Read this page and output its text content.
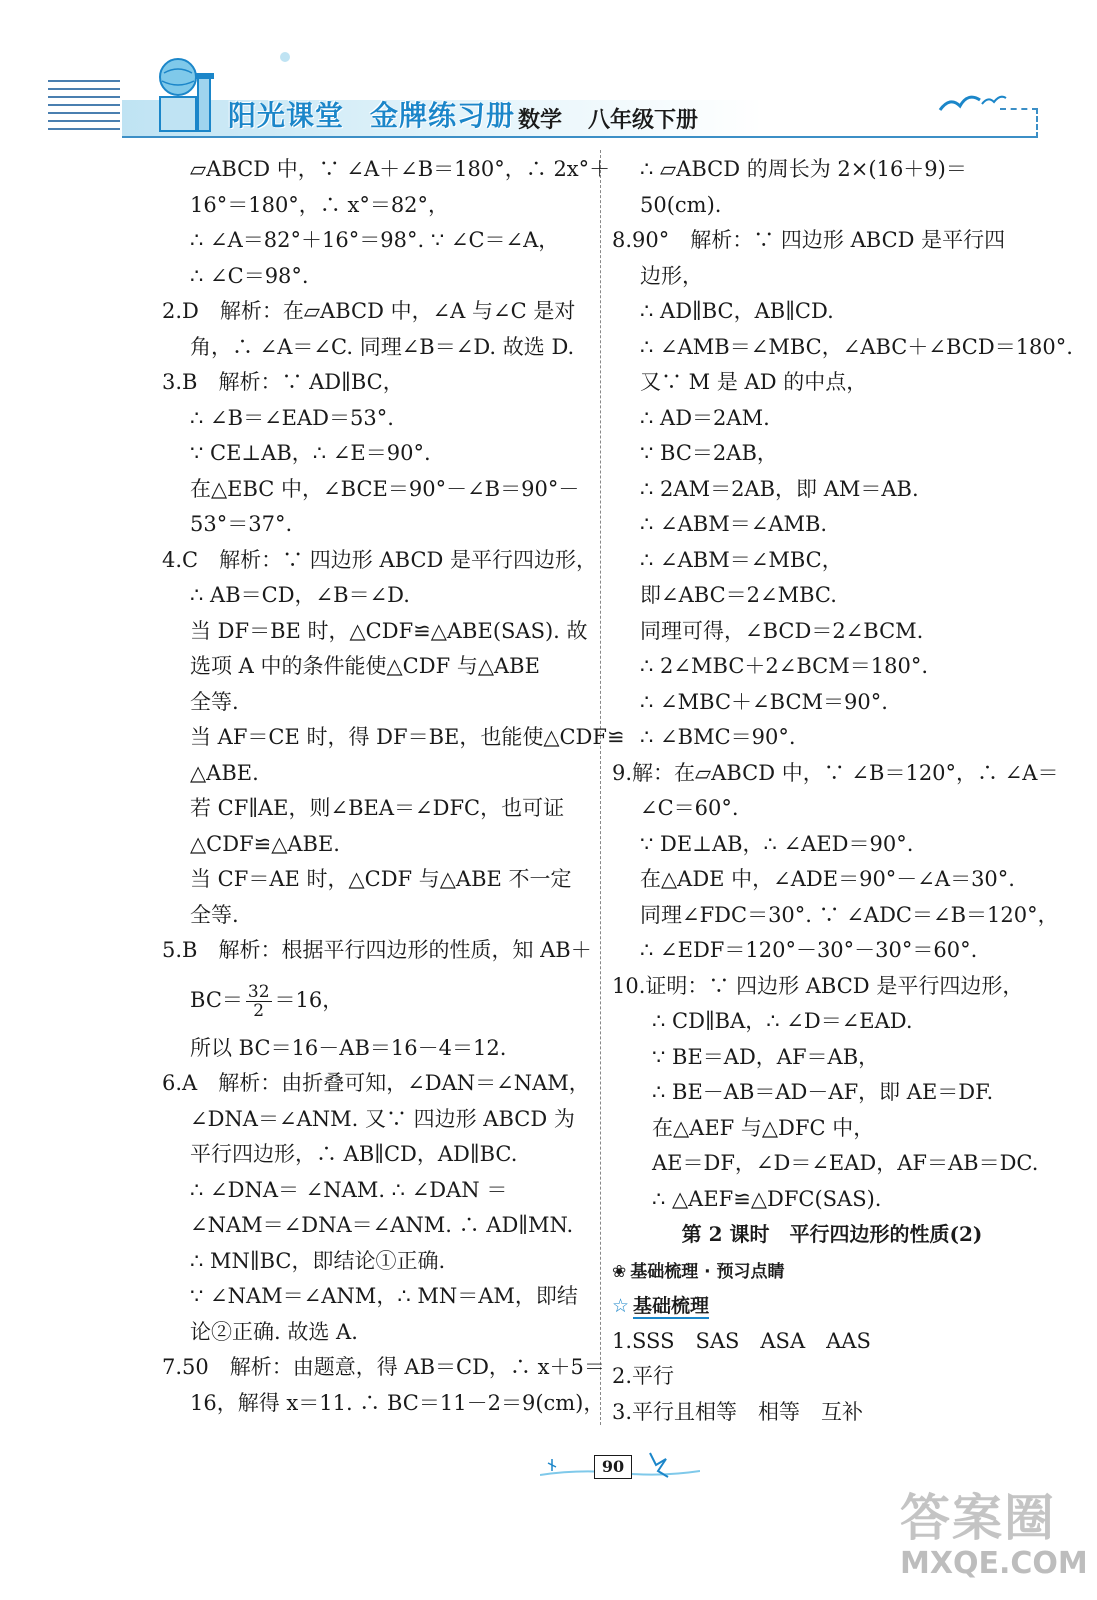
阳光课堂 金牌练习册 数学 八年级下册
▱ABCD 中，∵ ∠A＋∠B＝180°，∴ 2x°＋
16°＝180°，∴ x°＝82°，
∴ ∠A＝82°＋16°＝98°. ∵ ∠C＝∠A，
∴ ∠C＝98°.
2.D　解析：在▱ABCD 中，∠A 与∠C 是对
角，∴ ∠A＝∠C. 同理∠B＝∠D. 故选 D.
3.B　解析：∵ AD∥BC，
∴ ∠B＝∠EAD＝53°.
∵ CE⊥AB，∴ ∠E＝90°.
在△EBC 中，∠BCE＝90°－∠B＝90°－
53°＝37°.
4.C　解析：∵ 四边形 ABCD 是平行四边形，
∴ AB＝CD，∠B＝∠D.
当 DF＝BE 时，△CDF≌△ABE(SAS). 故
选项 A 中的条件能使△CDF 与△ABE
全等.
当 AF＝CE 时，得 DF＝BE，也能使△CDF≌
△ABE.
若 CF∥AE，则∠BEA＝∠DFC，也可证
△CDF≌△ABE.
当 CF＝AE 时，△CDF 与△ABE 不一定
全等.
5.B　解析：根据平行四边形的性质，知 AB＋
$BC= \frac{32}{2} =16$，
所以 BC＝16－AB＝16－4＝12.
6.A　解析：由折叠可知，∠DAN＝∠NAM，
∠DNA＝∠ANM. 又∵ 四边形 ABCD 为
平行四边形，∴ AB∥CD，AD∥BC.
∴ ∠DNA＝ ∠NAM. ∴ ∠DAN ＝
∠NAM＝∠DNA＝∠ANM. ∴ AD∥MN.
∴ MN∥BC，即结论①正确.
∵ ∠NAM＝∠ANM，∴ MN＝AM，即结
论②正确. 故选 A.
7.50　解析：由题意，得 AB＝CD，∴ x＋5＝
16，解得 x＝11. ∴ BC＝11－2＝9(cm)，
∴ ▱ABCD 的周长为 2×(16＋9)＝
50(cm).
8.90°　解析：∵ 四边形 ABCD 是平行四
边形，
∴ AD∥BC，AB∥CD.
∴ ∠AMB＝∠MBC，∠ABC＋∠BCD＝180°.
又∵ M 是 AD 的中点，
∴ AD＝2AM.
∵ BC＝2AB，
∴ 2AM＝2AB，即 AM＝AB.
∴ ∠ABM＝∠AMB.
∴ ∠ABM＝∠MBC，
即∠ABC＝2∠MBC.
同理可得，∠BCD＝2∠BCM.
∴ 2∠MBC＋2∠BCM＝180°.
∴ ∠MBC＋∠BCM＝90°.
∴ ∠BMC＝90°.
9.解：在▱ABCD 中，∵ ∠B＝120°，∴ ∠A＝
∠C＝60°.
∵ DE⊥AB，∴ ∠AED＝90°.
在△ADE 中，∠ADE＝90°－∠A＝30°.
同理∠FDC＝30°. ∵ ∠ADC＝∠B＝120°，
∴ ∠EDF＝120°－30°－30°＝60°.
10.证明：∵ 四边形 ABCD 是平行四边形，
∴ CD∥BA，∴ ∠D＝∠EAD.
∵ BE＝AD，AF＝AB，
∴ BE－AB＝AD－AF，即 AE＝DF.
在△AEF 与△DFC 中，
AE＝DF，∠D＝∠EAD，AF＝AB＝DC.
∴ △AEF≌△DFC(SAS).
第 2 课时　平行四边形的性质(2)
❀ 基础梳理 · 预习点睛
☆ 基础梳理
1.SSS　SAS　ASA　AAS
2.平行
3.平行且相等　相等　互补
90
答案圈
MXQE.COM
